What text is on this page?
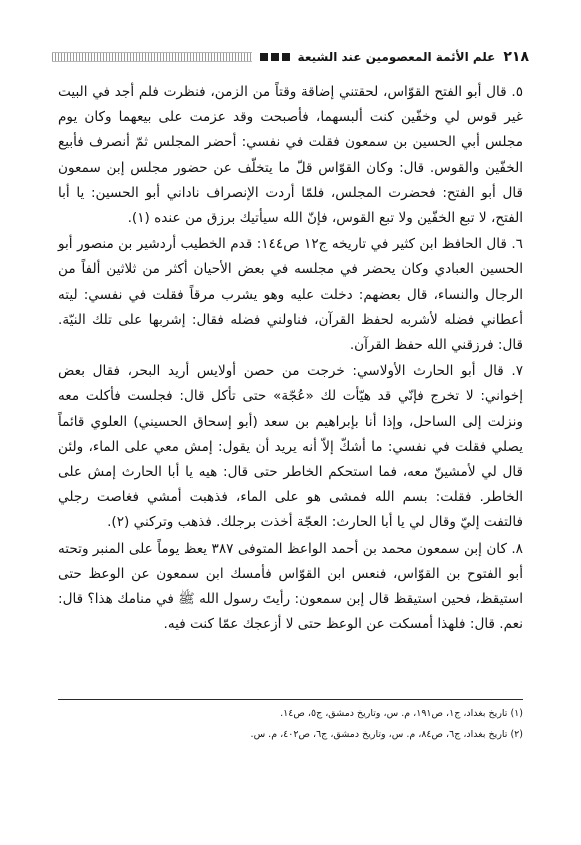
٢١٨
علم الأئمة المعصومين عند الشيعة

٥. قال أبو الفتح القوّاس، لحقتني إضاقة وقتاً من الزمن، فنظرت فلم أجد في البيت غير قوس لي وخفّين كنت ألبسهما، فأصبحت وقد عزمت على بيعهما وكان يوم مجلس أبي الحسين بن سمعون فقلت في نفسي: أحضر المجلس ثمّ أنصرف فأبيع الخفّين والقوس. قال: وكان القوّاس قلّ ما يتخلّف عن حضور مجلس إبن سمعون قال أبو الفتح: فحضرت المجلس، فلمّا أردت الإنصراف ناداني أبو الحسين: يا أبا الفتح، لا تبع الخفّين ولا تبع القوس، فإنّ الله سيأتيك برزق من عنده (١).

٦. قال الحافظ ابن كثير في تاريخه ج١٢ ص١٤٤: قدم الخطيب أردشير بن منصور أبو الحسين العبادي وكان يحضر في مجلسه في بعض الأحيان أكثر من ثلاثين ألفاً من الرجال والنساء، قال بعضهم: دخلت عليه وهو يشرب مرقاً فقلت في نفسي: ليته أعطاني فضله لأشربه لحفظ القرآن، فناولني فضله فقال: إشربها على تلك النيّة. قال: فرزقني الله حفظ القرآن.

٧. قال أبو الحارث الأولاسي: خرجت من حصن أولايس أريد البحر، فقال بعض إخواني: لا تخرج فإنّي قد هيّأت لك «عُجّة» حتى تأكل قال: فجلست فأكلت معه ونزلت إلى الساحل، وإذا أنا بإبراهيم بن سعد (أبو إسحاق الحسيني) العلوي قائماً يصلي فقلت في نفسي: ما أشكّ إلاّ أنه يريد أن يقول: إمش معي على الماء، ولئن قال لي لأمشينّ معه، فما استحكم الخاطر حتى قال: هيه يا أبا الحارث إمش على الخاطر. فقلت: بسم الله فمشى هو على الماء، فذهبت أمشي فغاصت رجلي فالتفت إليّ وقال لي يا أبا الحارث: العجّة أخذت برجلك. فذهب وتركني (٢).

٨. كان إبن سمعون محمد بن أحمد الواعظ المتوفى ٣٨٧ يعظ يوماً على المنبر وتحته أبو الفتوح بن القوّاس، فنعس ابن القوّاس فأمسك ابن سمعون عن الوعظ حتى استيقظ، فحين استيقظ قال إبن سمعون: رأيتَ رسول الله ﷺ في منامك هذا؟ قال: نعم. قال: فلهذا أمسكت عن الوعظ حتى لا أزعجك عمّا كنت فيه.

(١) تاريخ بغداد، ج١، ص١٩١، م. س، وتاريخ دمشق، ج٥، ص١٤.

(٢) تاريخ بغداد، ج٦، ص٨٤، م. س، وتاريخ دمشق، ج٦، ص٤٠٢، م. س.
